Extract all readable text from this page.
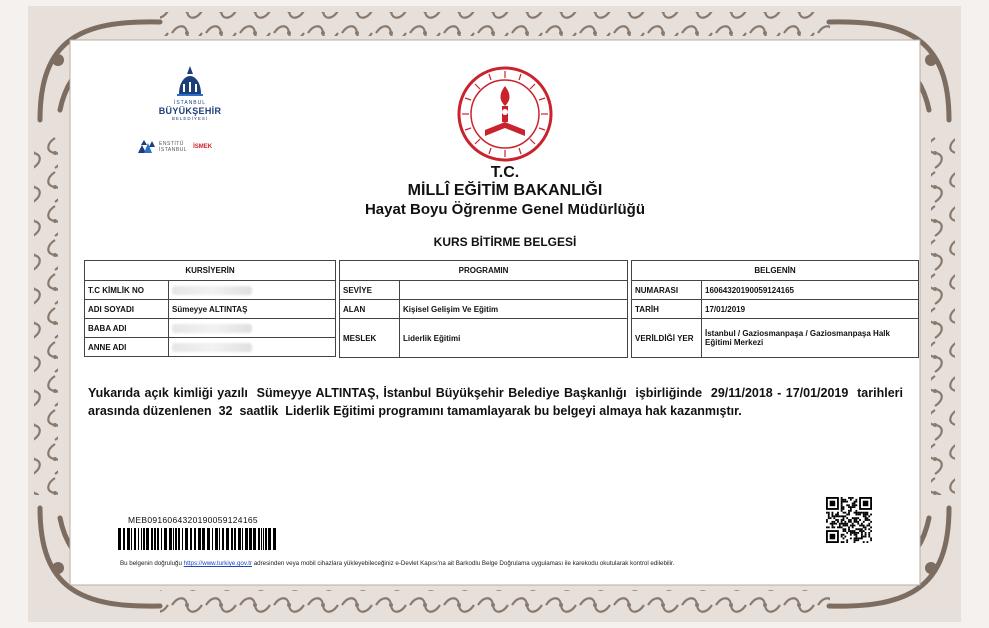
İSTANBUL
BÜYÜKŞEHİR
BELEDİYESİ
ENSTİTÜ
İSTANBUL İSMEK
T.C.
MİLLÎ EĞİTİM BAKANLIĞI
Hayat Boyu Öğrenme Genel Müdürlüğü
KURS BİTİRME BELGESİ
KURSİYERİN	
T.C KİMLİK NO	
ADI SOYADI	Sümeyye ALTINTAŞ
BABA ADI	
ANNE ADI	
PROGRAMIN	
SEVİYE	
ALAN	Kişisel Gelişim Ve Eğitim
MESLEK	Liderlik Eğitimi
BELGENİN	
NUMARASI	16064320190059124165
TARİH	17/01/2019
VERİLDİĞİ YER	İstanbul / Gaziosmanpaşa / Gaziosmanpaşa Halk Eğitimi Merkezi
Yukarıda açık kimliği yazılı  Sümeyye ALTINTAŞ, İstanbul Büyükşehir Belediye Başkanlığı  işbirliğinde  29/11/2018 - 17/01/2019  tarihleri arasında düzenlenen  32  saatlik  Liderlik Eğitimi programını tamamlayarak bu belgeyi almaya hak kazanmıştır.
MEB0916064320190059124165
Bu belgenin doğruluğu https://www.turkiye.gov.tr adresinden veya mobil cihazlara yükleyebileceğiniz e-Devlet Kapısı'na ait Barkodlu Belge Doğrulama uygulaması ile karekodu okutularak kontrol edilebilir.
